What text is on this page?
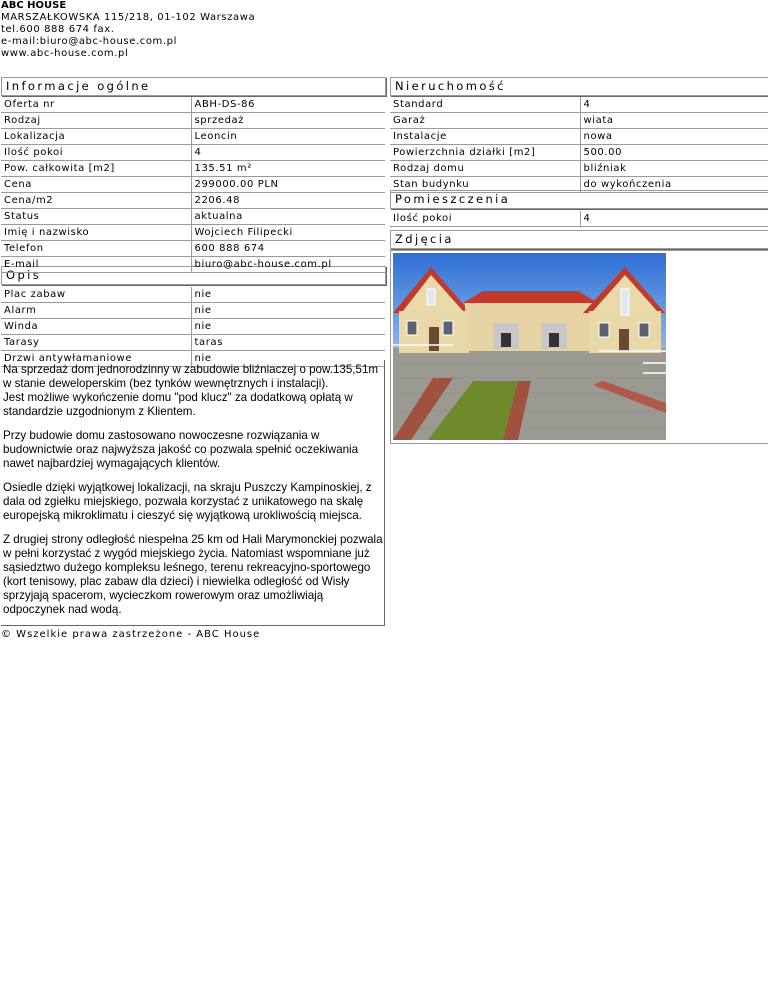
ABC HOUSE
MARSZAŁKOWSKA 115/218, 01-102 Warszawa
tel.600 888 674 fax.
e-mail:biuro@abc-house.com.pl
www.abc-house.com.pl
Informacje ogólne	Nieruchomość
Pomieszczenia
Zdjęcia
Opis
Oferta nr	ABH-DS-86
Rodzaj	sprzedaż
Lokalizacja	Leoncin
Ilość pokoi	4
Pow. całkowita [m2]	135.51 m²
Cena	299000.00 PLN
Cena/m2	2206.48
Status	aktualna
Imię i nazwisko	Wojciech Filipecki
Telefon	600 888 674
E-mail	biuro@abc-house.com.pl
Standard	4
Garaż	wiata
Instalacje	nowa
Powierzchnia działki [m2]	500.00
Rodzaj domu	bliźniak
Stan budynku	do wykończenia
Ilość pokoi	4
Plac zabaw	nie
Alarm	nie
Winda	nie
Tarasy	taras
Drzwi antywłamaniowe	nie

Na sprzedaż dom jednorodzinny w zabudowie bliźniaczej o pow.135,51m w stanie deweloperskim (bez tynków wewnętrznych i instalacji).
Jest możliwe wykończenie domu "pod klucz" za dodatkową opłatą w standardzie uzgodnionym z Klientem.

Przy budowie domu zastosowano nowoczesne rozwiązania w budownictwie oraz najwyższa jakość co pozwala spełnić oczekiwania nawet najbardziej wymagających klientów.

Osiedle dzięki wyjątkowej lokalizacji, na skraju Puszczy Kampinoskiej, z dala od zgiełku miejskiego, pozwala korzystać z unikatowego na skalę europejską mikroklimatu i cieszyć się wyjątkową urokliwością miejsca.

Z drugiej strony odległość niespełna 25 km od Hali Marymonckiej pozwala w pełni korzystać z wygód miejskiego życia. Natomiast wspomniane już sąsiedztwo dużego kompleksu leśnego, terenu rekreacyjno-sportowego (kort tenisowy, plac zabaw dla dzieci) i niewielka odległość od Wisły sprzyjają spacerom, wycieczkom rowerowym oraz umożliwiają odpoczynek nad wodą.

© Wszelkie prawa zastrzeżone - ABC House
